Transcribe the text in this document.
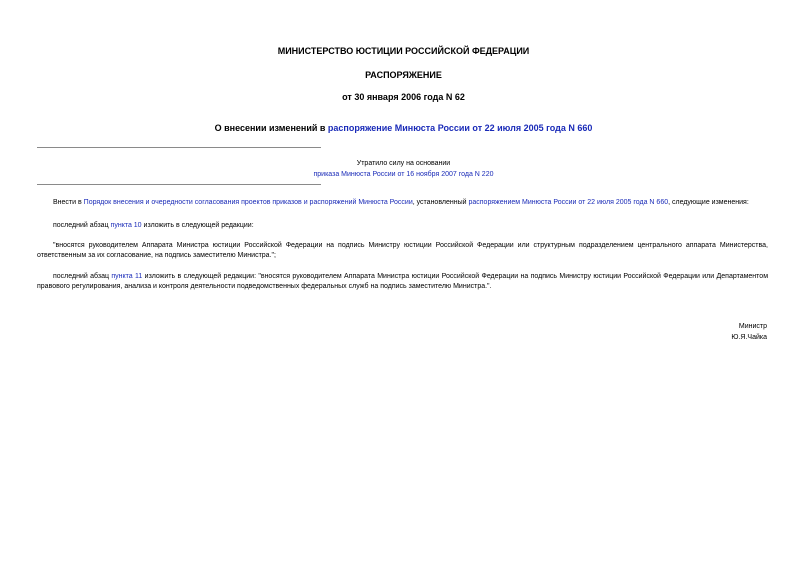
МИНИСТЕРСТВО ЮСТИЦИИ РОССИЙСКОЙ ФЕДЕРАЦИИ
РАСПОРЯЖЕНИЕ
от 30 января 2006 года N 62
О внесении изменений в распоряжение Минюста России от 22 июля 2005 года N 660
Утратило силу на основании
приказа Минюста России от 16 ноября 2007 года N 220
Внести в Порядок внесения и очередности согласования проектов приказов и распоряжений Минюста России, установленный распоряжением Минюста России от 22 июля 2005 года N 660, следующие изменения:
последний абзац пункта 10 изложить в следующей редакции:
"вносятся руководителем Аппарата Министра юстиции Российской Федерации на подпись Министру юстиции Российской Федерации или структурным подразделением центрального аппарата Министерства, ответственным за их согласование, на подпись заместителю Министра.";
последний абзац пункта 11 изложить в следующей редакции: "вносятся руководителем Аппарата Министра юстиции Российской Федерации на подпись Министру юстиции Российской Федерации или Департаментом правового регулирования, анализа и контроля деятельности подведомственных федеральных служб на подпись заместителю Министра.".
Министр
Ю.Я.Чайка
